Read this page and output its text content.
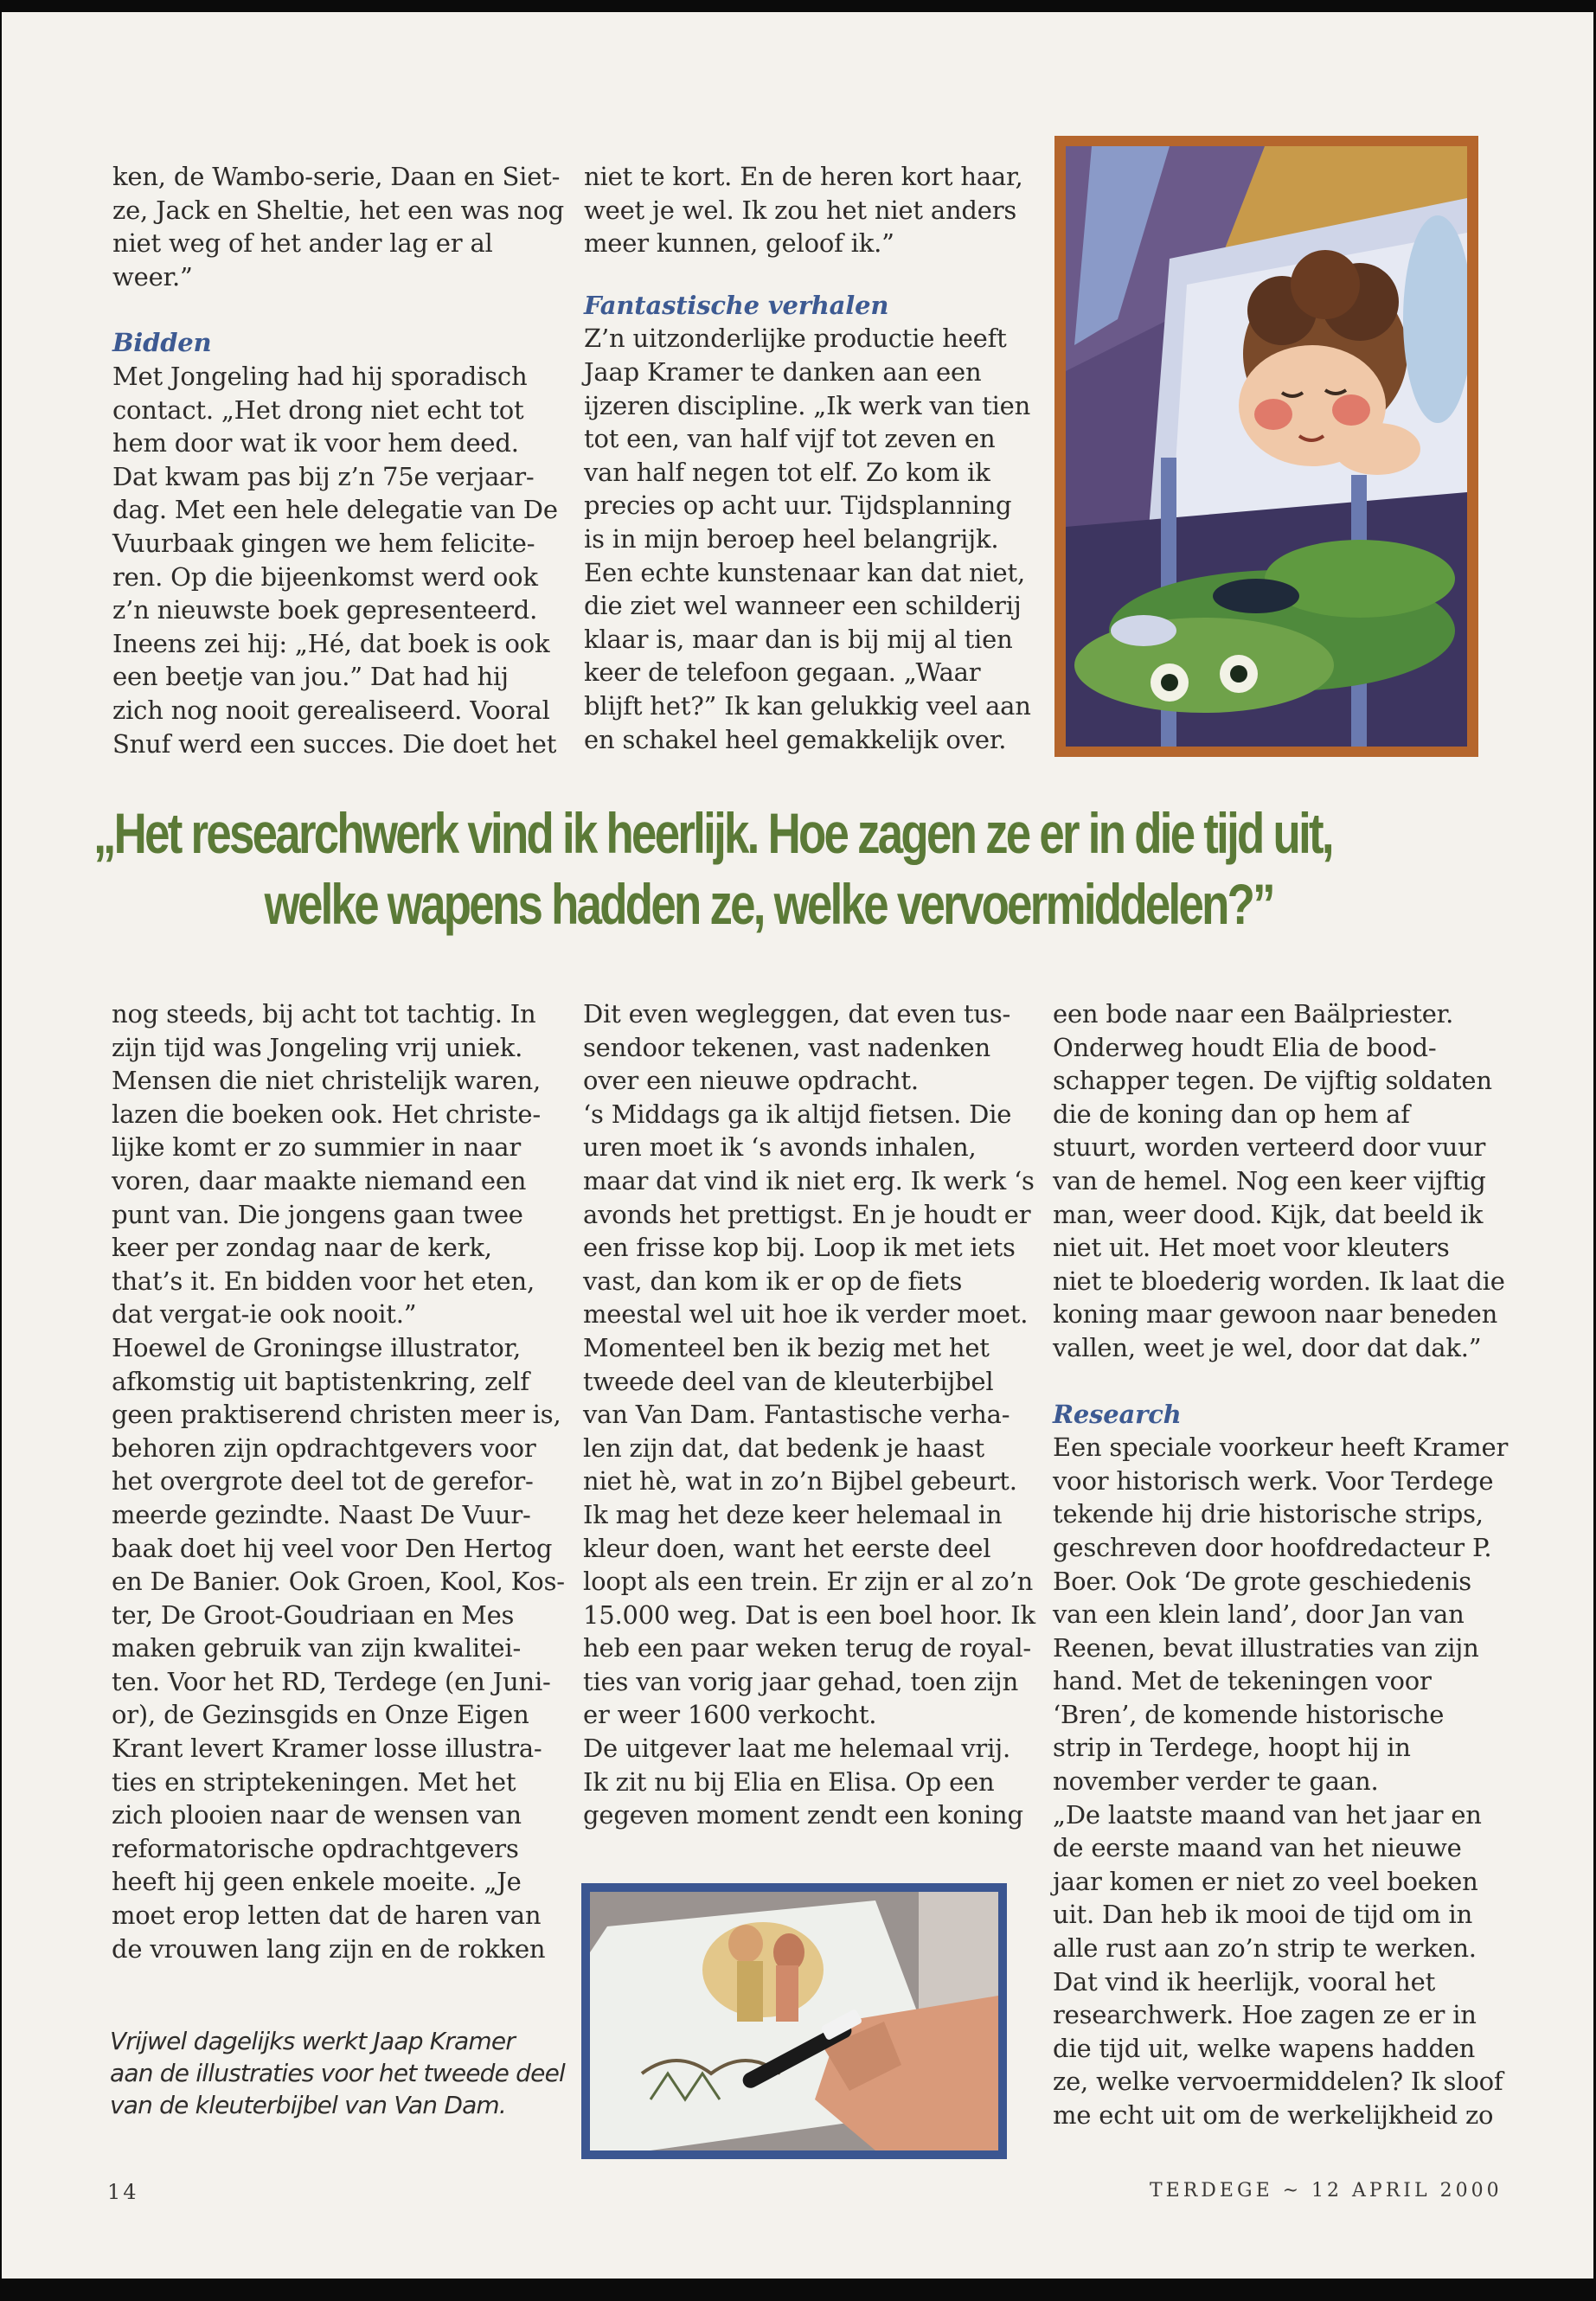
ken, de Wambo-serie, Daan en Siet-
ze, Jack en Sheltie, het een was nog
niet weg of het ander lag er al
weer.”
Bidden
Met Jongeling had hij sporadisch
contact. „Het drong niet echt tot
hem door wat ik voor hem deed.
Dat kwam pas bij z’n 75e verjaar-
dag. Met een hele delegatie van De
Vuurbaak gingen we hem felicite-
ren. Op die bijeenkomst werd ook
z’n nieuwste boek gepresenteerd.
Ineens zei hij: „Hé, dat boek is ook
een beetje van jou.” Dat had hij
zich nog nooit gerealiseerd. Vooral
Snuf werd een succes. Die doet het
niet te kort. En de heren kort haar,
weet je wel. Ik zou het niet anders
meer kunnen, geloof ik.”
Fantastische verhalen
Z’n uitzonderlijke productie heeft
Jaap Kramer te danken aan een
ijzeren discipline. „Ik werk van tien
tot een, van half vijf tot zeven en
van half negen tot elf. Zo kom ik
precies op acht uur. Tijdsplanning
is in mijn beroep heel belangrijk.
Een echte kunstenaar kan dat niet,
die ziet wel wanneer een schilderij
klaar is, maar dan is bij mij al tien
keer de telefoon gegaan. „Waar
blijft het?” Ik kan gelukkig veel aan
en schakel heel gemakkelijk over.
„Het researchwerk vind ik heerlijk. Hoe zagen ze er in die tijd uit,
welke wapens hadden ze, welke vervoermiddelen?”
nog steeds, bij acht tot tachtig. In
zijn tijd was Jongeling vrij uniek.
Mensen die niet christelijk waren,
lazen die boeken ook. Het christe-
lijke komt er zo summier in naar
voren, daar maakte niemand een
punt van. Die jongens gaan twee
keer per zondag naar de kerk,
that’s it. En bidden voor het eten,
dat vergat-ie ook nooit.”
Hoewel de Groningse illustrator,
afkomstig uit baptistenkring, zelf
geen praktiserend christen meer is,
behoren zijn opdrachtgevers voor
het overgrote deel tot de gerefor-
meerde gezindte. Naast De Vuur-
baak doet hij veel voor Den Hertog
en De Banier. Ook Groen, Kool, Kos-
ter, De Groot-Goudriaan en Mes
maken gebruik van zijn kwalitei-
ten. Voor het RD, Terdege (en Juni-
or), de Gezinsgids en Onze Eigen
Krant levert Kramer losse illustra-
ties en striptekeningen. Met het
zich plooien naar de wensen van
reformatorische opdrachtgevers
heeft hij geen enkele moeite. „Je
moet erop letten dat de haren van
de vrouwen lang zijn en de rokken
Dit even wegleggen, dat even tus-
sendoor tekenen, vast nadenken
over een nieuwe opdracht.
‘s Middags ga ik altijd fietsen. Die
uren moet ik ‘s avonds inhalen,
maar dat vind ik niet erg. Ik werk ‘s
avonds het prettigst. En je houdt er
een frisse kop bij. Loop ik met iets
vast, dan kom ik er op de fiets
meestal wel uit hoe ik verder moet.
Momenteel ben ik bezig met het
tweede deel van de kleuterbijbel
van Van Dam. Fantastische verha-
len zijn dat, dat bedenk je haast
niet hè, wat in zo’n Bijbel gebeurt.
Ik mag het deze keer helemaal in
kleur doen, want het eerste deel
loopt als een trein. Er zijn er al zo’n
15.000 weg. Dat is een boel hoor. Ik
heb een paar weken terug de royal-
ties van vorig jaar gehad, toen zijn
er weer 1600 verkocht.
De uitgever laat me helemaal vrij.
Ik zit nu bij Elia en Elisa. Op een
gegeven moment zendt een koning
een bode naar een Baälpriester.
Onderweg houdt Elia de bood-
schapper tegen. De vijftig soldaten
die de koning dan op hem af
stuurt, worden verteerd door vuur
van de hemel. Nog een keer vijftig
man, weer dood. Kijk, dat beeld ik
niet uit. Het moet voor kleuters
niet te bloederig worden. Ik laat die
koning maar gewoon naar beneden
vallen, weet je wel, door dat dak.”
Research
Een speciale voorkeur heeft Kramer
voor historisch werk. Voor Terdege
tekende hij drie historische strips,
geschreven door hoofdredacteur P.
Boer. Ook ‘De grote geschiedenis
van een klein land’, door Jan van
Reenen, bevat illustraties van zijn
hand. Met de tekeningen voor
‘Bren’, de komende historische
strip in Terdege, hoopt hij in
november verder te gaan.
„De laatste maand van het jaar en
de eerste maand van het nieuwe
jaar komen er niet zo veel boeken
uit. Dan heb ik mooi de tijd om in
alle rust aan zo’n strip te werken.
Dat vind ik heerlijk, vooral het
researchwerk. Hoe zagen ze er in
die tijd uit, welke wapens hadden
ze, welke vervoermiddelen? Ik sloof
me echt uit om de werkelijkheid zo
Vrijwel dagelijks werkt Jaap Kramer
aan de illustraties voor het tweede deel
van de kleuterbijbel van Van Dam.
14	TERDEGE ~ 12 APRIL 2000
